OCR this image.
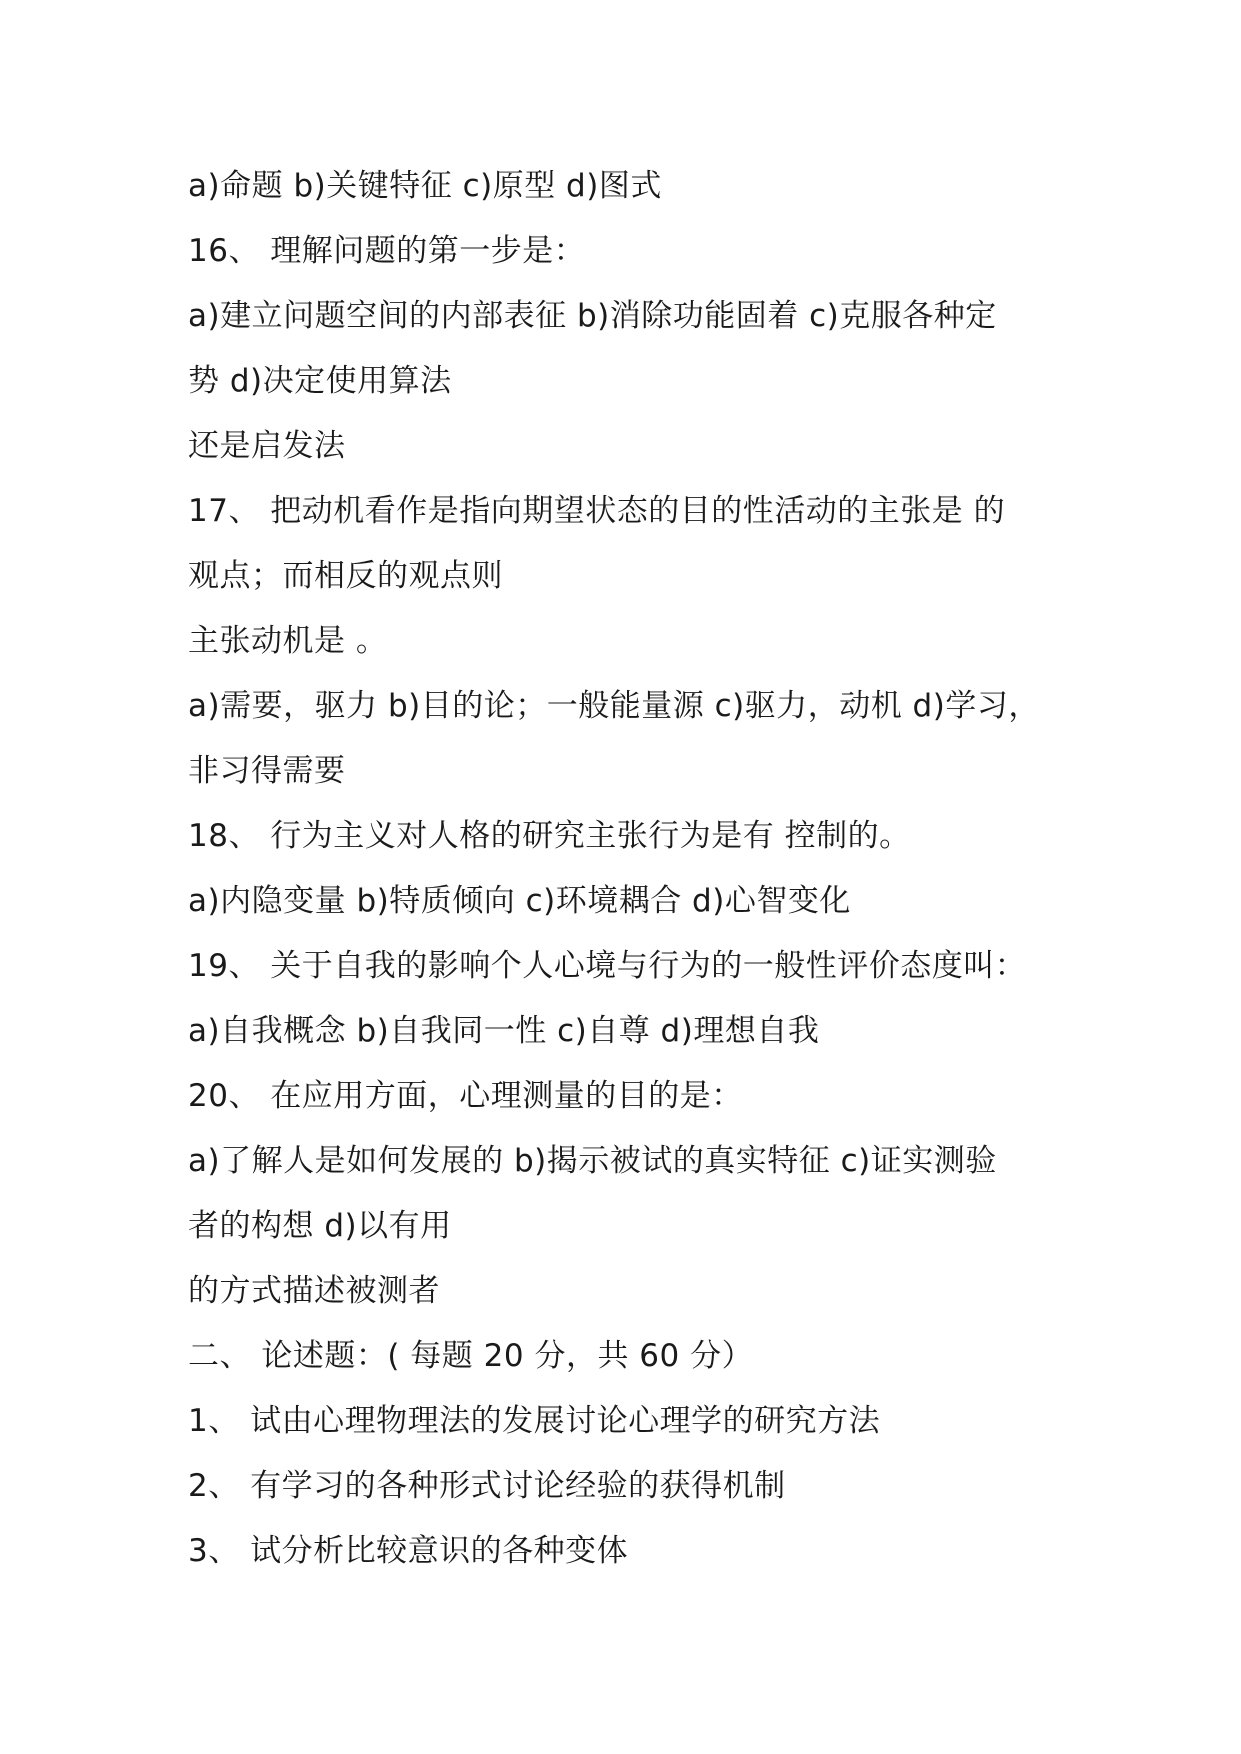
a)命题 b)关键特征 c)原型 d)图式
16、 理解问题的第一步是：
a)建立问题空间的内部表征 b)消除功能固着 c)克服各种定
势 d)决定使用算法
还是启发法
17、 把动机看作是指向期望状态的目的性活动的主张是 的
观点；而相反的观点则
主张动机是 。
a)需要，驱力 b)目的论；一般能量源 c)驱力，动机 d)学习，
非习得需要
18、 行为主义对人格的研究主张行为是有 控制的。
a)内隐变量 b)特质倾向 c)环境耦合 d)心智变化
19、 关于自我的影响个人心境与行为的一般性评价态度叫：
a)自我概念 b)自我同一性 c)自尊 d)理想自我
20、 在应用方面，心理测量的目的是：
a)了解人是如何发展的 b)揭示被试的真实特征 c)证实测验
者的构想 d)以有用
的方式描述被测者
二、 论述题：( 每题 20 分，共 60 分）
1、 试由心理物理法的发展讨论心理学的研究方法
2、 有学习的各种形式讨论经验的获得机制
3、 试分析比较意识的各种变体
